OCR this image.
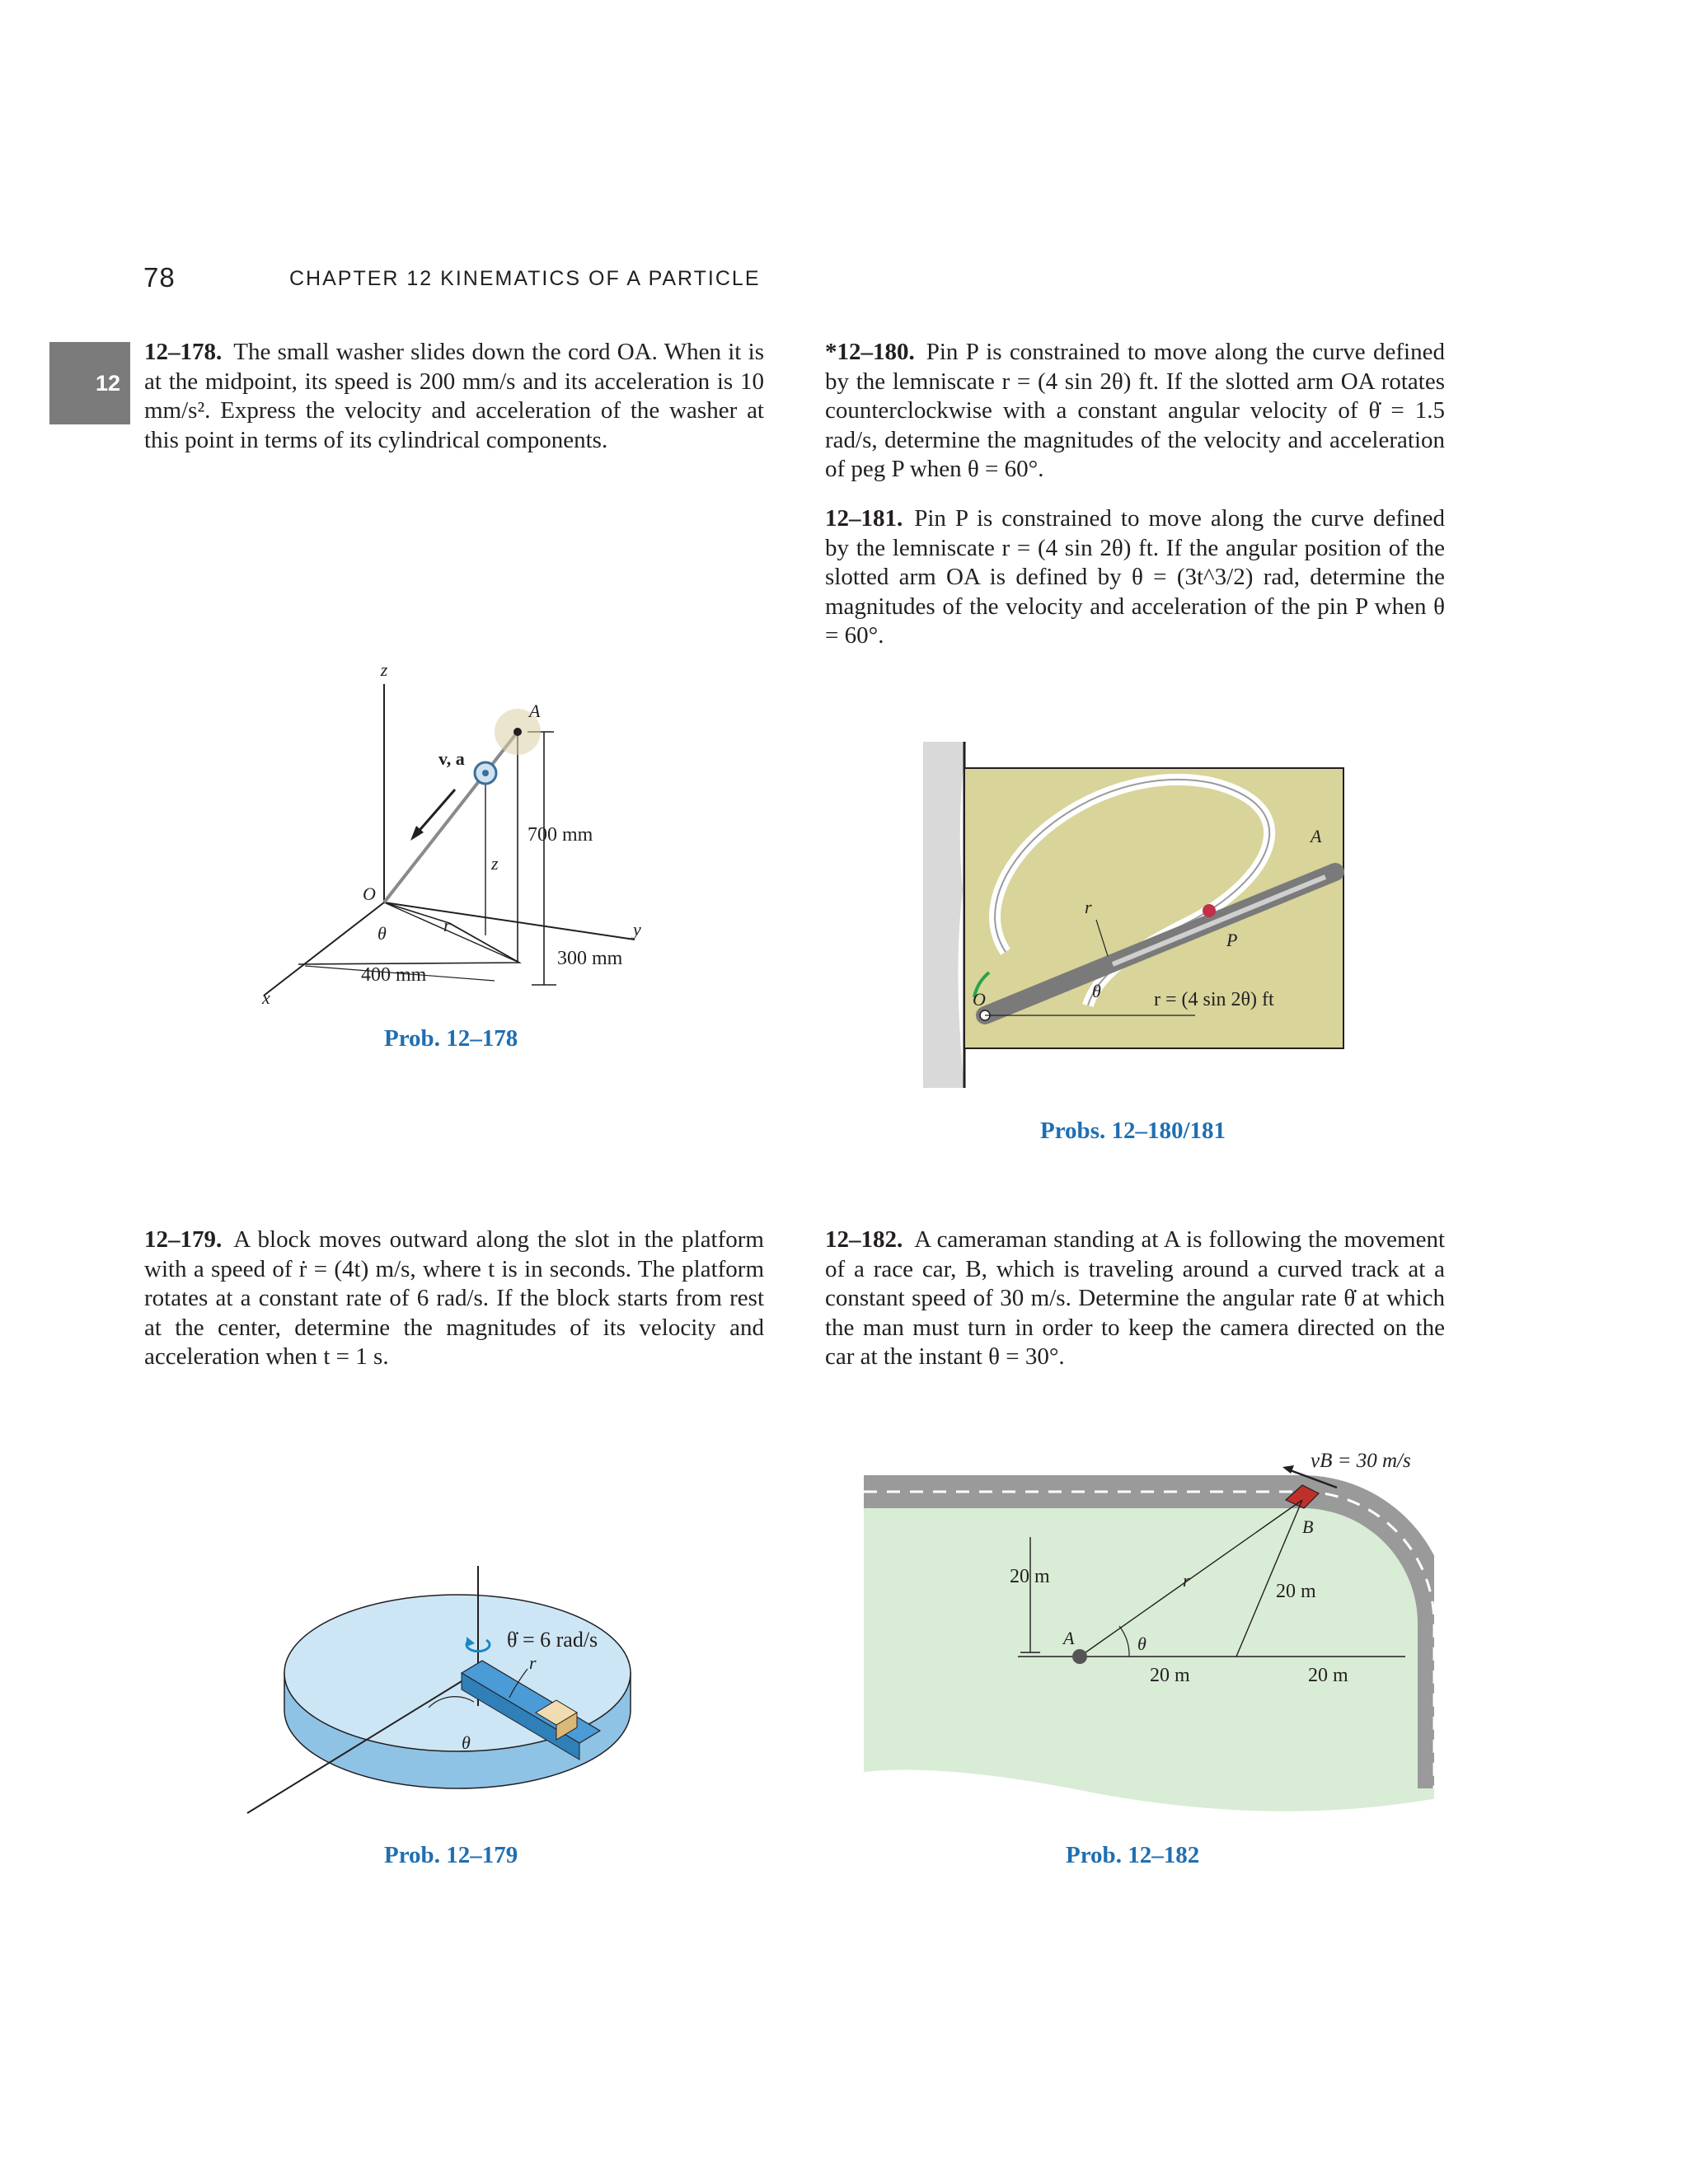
78	CHAPTER 12 KINEMATICS OF A PARTICLE
12
12–178. The small washer slides down the cord OA. When it is at the midpoint, its speed is 200 mm/s and its acceleration is 10 mm/s². Express the velocity and acceleration of the washer at this point in terms of its cylindrical components.
*12–180. Pin P is constrained to move along the curve defined by the lemniscate r = (4 sin 2θ) ft. If the slotted arm OA rotates counterclockwise with a constant angular velocity of θ̇ = 1.5 rad/s, determine the magnitudes of the velocity and acceleration of peg P when θ = 60°.
12–181. Pin P is constrained to move along the curve defined by the lemniscate r = (4 sin 2θ) ft. If the angular position of the slotted arm OA is defined by θ = (3t^3/2) rad, determine the magnitudes of the velocity and acceleration of the pin P when θ = 60°.
12–179. A block moves outward along the slot in the platform with a speed of ṙ = (4t) m/s, where t is in seconds. The platform rotates at a constant rate of 6 rad/s. If the block starts from rest at the center, determine the magnitudes of its velocity and acceleration when t = 1 s.
12–182. A cameraman standing at A is following the movement of a race car, B, which is traveling around a curved track at a constant speed of 30 m/s. Determine the angular rate θ̇ at which the man must turn in order to keep the camera directed on the car at the instant θ = 30°.
z
A
v, a
z
700 mm
O
θ	r	y
300 mm
400 mm
x
Prob. 12–178
A
P
r
O	θ	r = (4 sin 2θ) ft
Probs. 12–180/181
θ̇ = 6 rad/s
r
θ
Prob. 12–179
vB = 30 m/s
B
r
A	θ
20 m
20 m
20 m	20 m
Prob. 12–182
